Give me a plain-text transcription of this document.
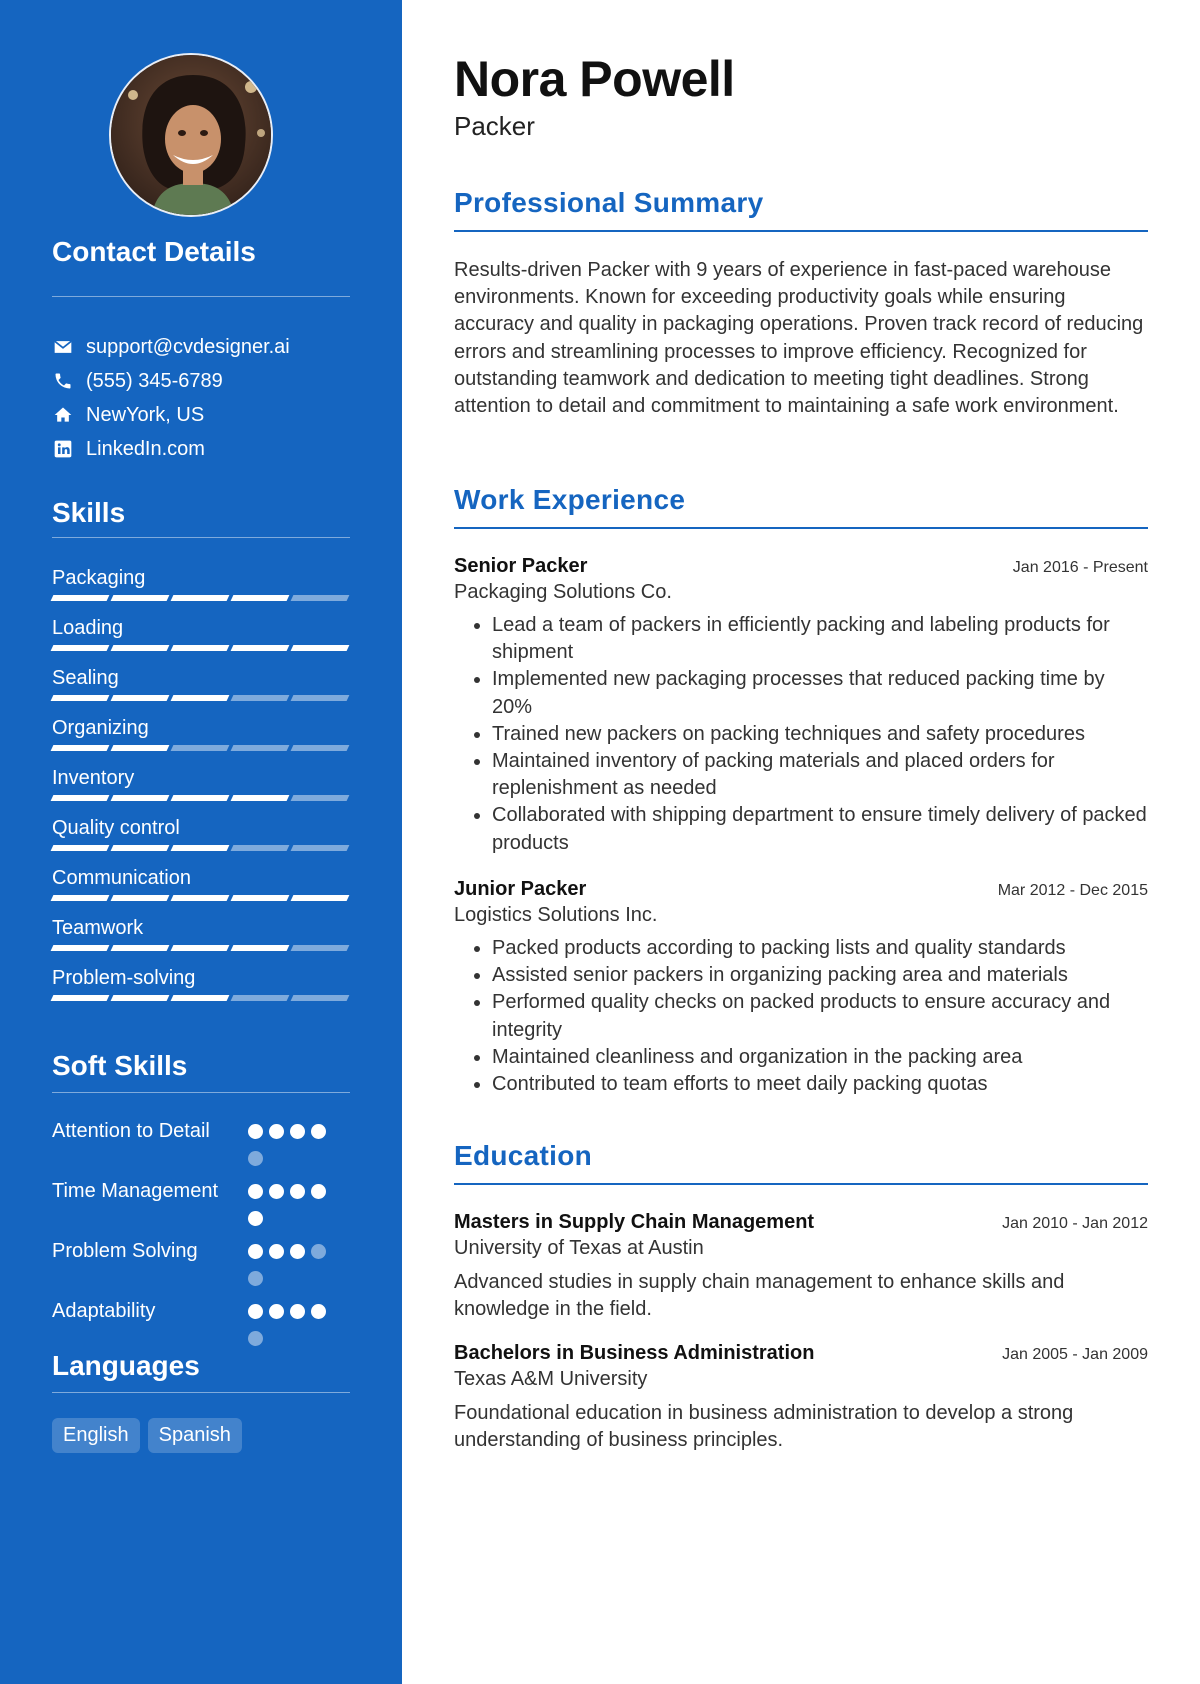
Contact Details
support@cvdesigner.ai
(555) 345-6789
NewYork, US
LinkedIn.com
Skills
Packaging
Loading
Sealing
Organizing
Inventory
Quality control
Communication
Teamwork
Problem-solving
Soft Skills
Attention to Detail
Time Management
Problem Solving
Adaptability
Languages
English	Spanish
Nora Powell
Packer
Professional Summary

Results-driven Packer with 9 years of experience in fast-paced warehouse environments. Known for exceeding productivity goals while ensuring accuracy and quality in packaging operations. Proven track record of reducing errors and streamlining processes to improve efficiency. Recognized for outstanding teamwork and dedication to meeting tight deadlines. Strong attention to detail and commitment to maintaining a safe work environment.

Work Experience
Senior Packer	Jan 2016 - Present
Packaging Solutions Co.
• Lead a team of packers in efficiently packing and labeling products for shipment
• Implemented new packaging processes that reduced packing time by 20%
• Trained new packers on packing techniques and safety procedures
• Maintained inventory of packing materials and placed orders for replenishment as needed
• Collaborated with shipping department to ensure timely delivery of packed products
Junior Packer	Mar 2012 - Dec 2015
Logistics Solutions Inc.
• Packed products according to packing lists and quality standards
• Assisted senior packers in organizing packing area and materials
• Performed quality checks on packed products to ensure accuracy and integrity
• Maintained cleanliness and organization in the packing area
• Contributed to team efforts to meet daily packing quotas
Education
Masters in Supply Chain Management	Jan 2010 - Jan 2012
University of Texas at Austin

Advanced studies in supply chain management to enhance skills and knowledge in the field.

Bachelors in Business Administration	Jan 2005 - Jan 2009
Texas A&M University

Foundational education in business administration to develop a strong understanding of business principles.
